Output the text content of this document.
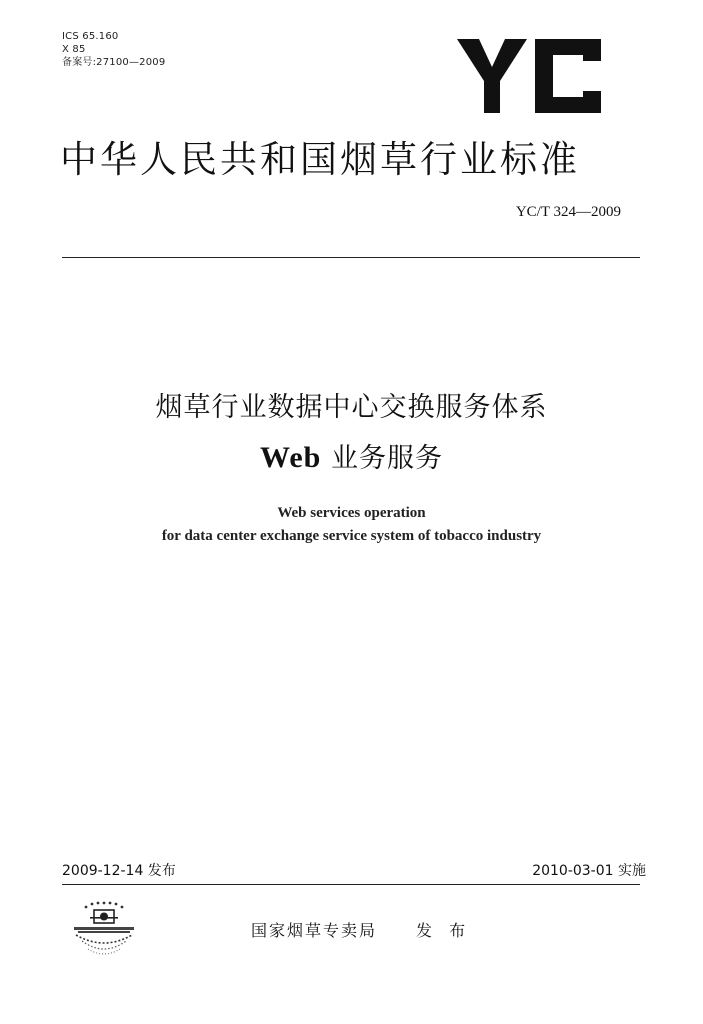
ICS 65.160
X 85
备案号:27100—2009
中华人民共和国烟草行业标准
YC/T 324—2009
烟草行业数据中心交换服务体系
Web 业务服务
Web services operation
for data center exchange service system of tobacco industry
2009-12-14 发布	2010-03-01 实施
国家烟草专卖局 发 布
